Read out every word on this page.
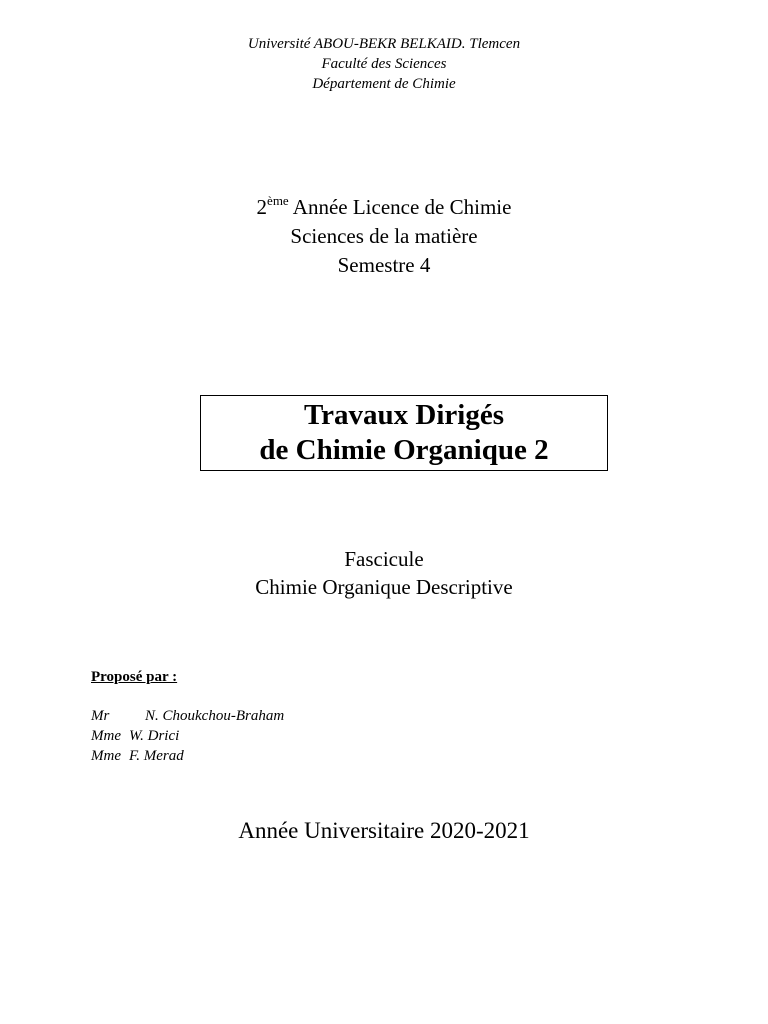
Université ABOU-BEKR BELKAID. Tlemcen
Faculté des Sciences
Département de Chimie
2ème Année Licence de Chimie
Sciences de la matière
Semestre 4
Travaux Dirigés
de Chimie Organique 2
Fascicule
Chimie Organique Descriptive
Proposé par :
Mr	N. Choukchou-Braham
Mme W. Drici
Mme F. Merad
Année Universitaire 2020-2021
